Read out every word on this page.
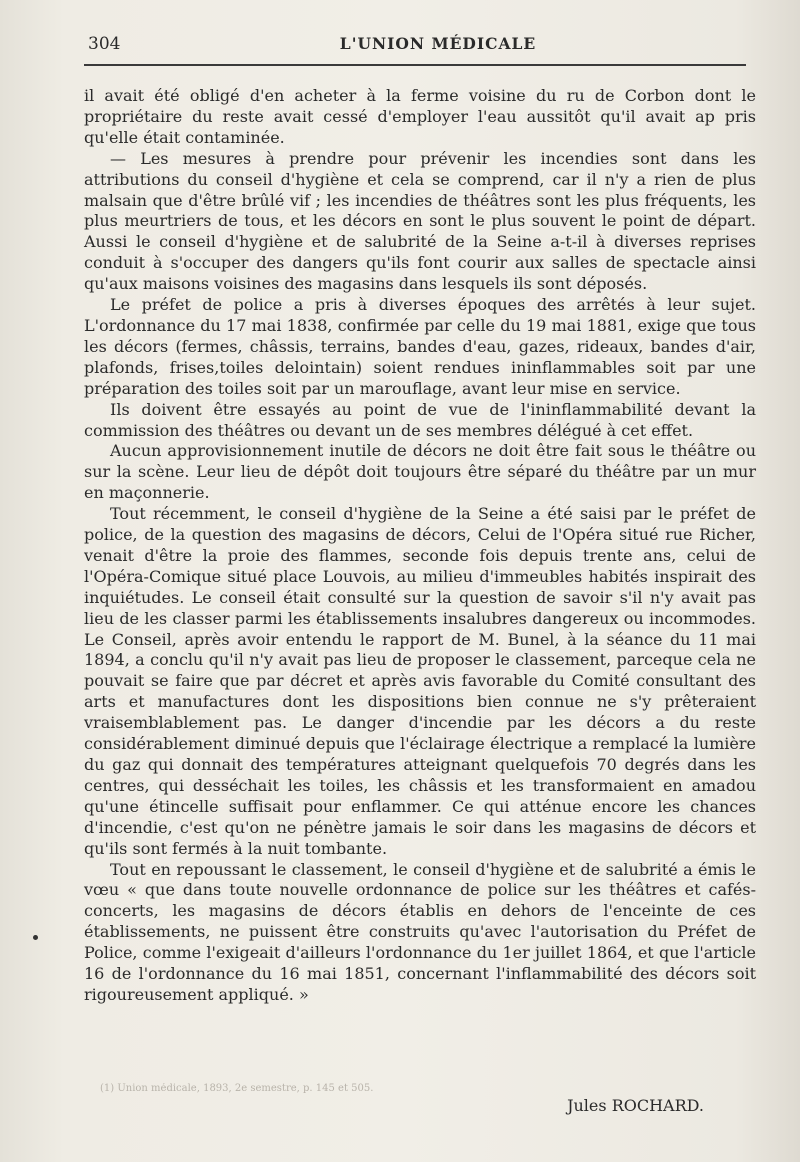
304	L'UNION MÉDICALE

il avait été obligé d'en acheter à la ferme voisine du ru de Corbon dont le propriétaire du reste avait cessé d'employer l'eau aussitôt qu'il avait ap pris qu'elle était contaminée.

— Les mesures à prendre pour prévenir les incendies sont dans les attributions du conseil d'hygiène et cela se comprend, car il n'y a rien de plus malsain que d'être brûlé vif ; les incendies de théâtres sont les plus fréquents, les plus meurtriers de tous, et les décors en sont le plus souvent le point de départ. Aussi le conseil d'hygiène et de salubrité de la Seine a-t-il à diverses reprises conduit à s'occuper des dangers qu'ils font courir aux salles de spectacle ainsi qu'aux maisons voisines des magasins dans lesquels ils sont déposés.

Le préfet de police a pris à diverses époques des arrêtés à leur sujet. L'ordonnance du 17 mai 1838, confirmée par celle du 19 mai 1881, exige que tous les décors (fermes, châssis, terrains, bandes d'eau, gazes, rideaux, bandes d'air, plafonds, frises,toiles delointain) soient rendues ininflammables soit par une préparation des toiles soit par un marouflage, avant leur mise en service.

Ils doivent être essayés au point de vue de l'ininflammabilité devant la commission des théâtres ou devant un de ses membres délégué à cet effet.

Aucun approvisionnement inutile de décors ne doit être fait sous le théâtre ou sur la scène. Leur lieu de dépôt doit toujours être séparé du théâtre par un mur en maçonnerie.

Tout récemment, le conseil d'hygiène de la Seine a été saisi par le préfet de police, de la question des magasins de décors, Celui de l'Opéra situé rue Richer, venait d'être la proie des flammes, seconde fois depuis trente ans, celui de l'Opéra-Comique situé place Louvois, au milieu d'immeubles habités inspirait des inquiétudes. Le conseil était consulté sur la question de savoir s'il n'y avait pas lieu de les classer parmi les établissements insalubres dangereux ou incommodes. Le Conseil, après avoir entendu le rapport de M. Bunel, à la séance du 11 mai 1894, a conclu qu'il n'y avait pas lieu de proposer le classement, parceque cela ne pouvait se faire que par décret et après avis favorable du Comité consultant des arts et manufactures dont les dispositions bien connue ne s'y prêteraient vraisemblablement pas. Le danger d'incendie par les décors a du reste considérablement diminué depuis que l'éclairage électrique a remplacé la lumière du gaz qui donnait des températures atteignant quelquefois 70 degrés dans les centres, qui desséchait les toiles, les châssis et les transformaient en amadou qu'une étincelle suffisait pour enflammer. Ce qui atténue encore les chances d'incendie, c'est qu'on ne pénètre jamais le soir dans les magasins de décors et qu'ils sont fermés à la nuit tombante.

Tout en repoussant le classement, le conseil d'hygiène et de salubrité a émis le vœu « que dans toute nouvelle ordonnance de police sur les théâtres et cafés-concerts, les magasins de décors établis en dehors de l'enceinte de ces établissements, ne puissent être construits qu'avec l'autorisation du Préfet de Police, comme l'exigeait d'ailleurs l'ordonnance du 1er juillet 1864, et que l'article 16 de l'ordonnance du 16 mai 1851, concernant l'inflammabilité des décors soit rigoureusement appliqué. »

(1) Union médicale, 1893, 2e semestre, p. 145 et 505.
Jules ROCHARD.
